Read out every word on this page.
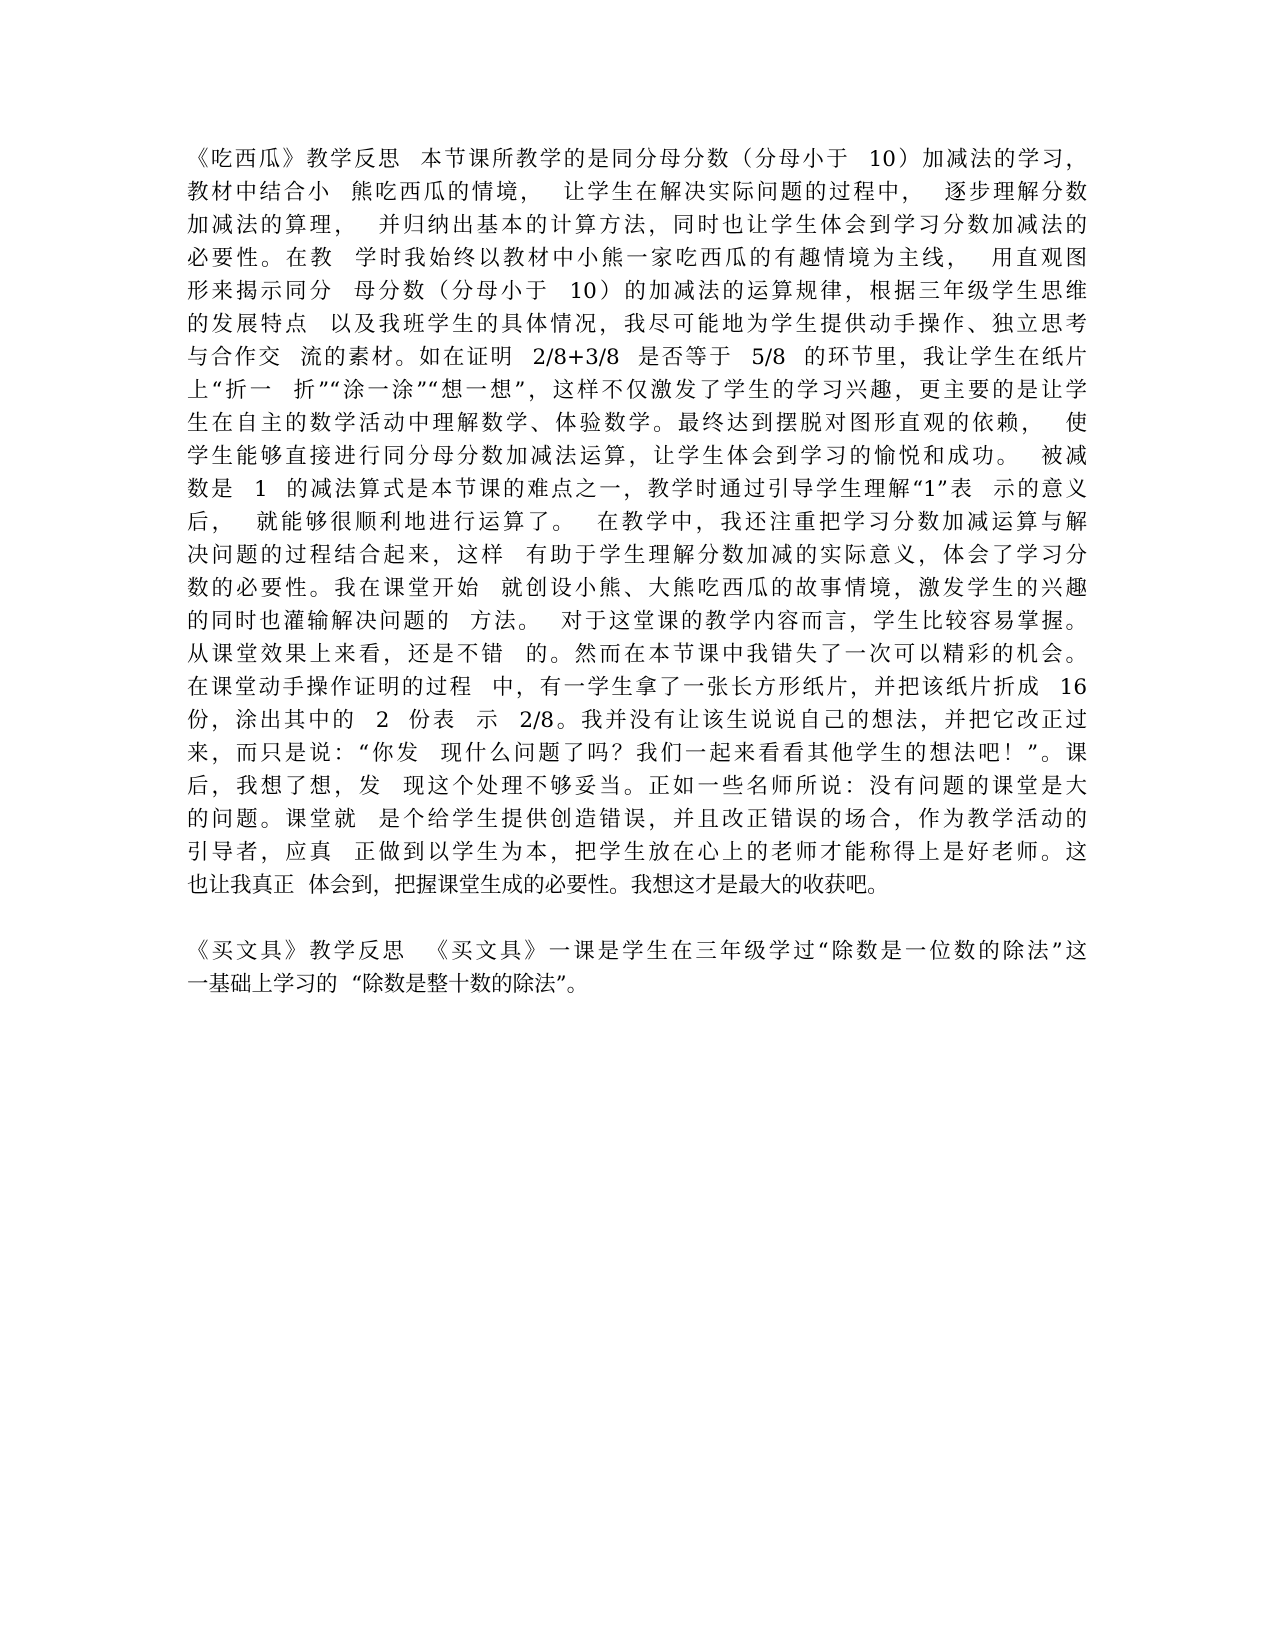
《吃西瓜》教学反思  本节课所教学的是同分母分数（分母小于  10）加减法的学习，
教材中结合小  熊吃西瓜的情境，  让学生在解决实际问题的过程中，  逐步理解分数
加减法的算理，  并归纳出基本的计算方法，同时也让学生体会到学习分数加减法的
必要性。在教  学时我始终以教材中小熊一家吃西瓜的有趣情境为主线，  用直观图
形来揭示同分  母分数（分母小于  10）的加减法的运算规律，根据三年级学生思维
的发展特点  以及我班学生的具体情况，我尽可能地为学生提供动手操作、独立思考
与合作交  流的素材。如在证明  2/8+3/8  是否等于  5/8  的环节里，我让学生在纸片
上“折一  折”“涂一涂”“想一想”，这样不仅激发了学生的学习兴趣，更主要的是让学
生在自主的数学活动中理解数学、体验数学。最终达到摆脱对图形直观的依赖，  使
学生能够直接进行同分母分数加减法运算，让学生体会到学习的愉悦和成功。  被减
数是  1  的减法算式是本节课的难点之一，教学时通过引导学生理解“1”表  示的意义
后，  就能够很顺利地进行运算了。  在教学中，我还注重把学习分数加减运算与解
决问题的过程结合起来，这样  有助于学生理解分数加减的实际意义，体会了学习分
数的必要性。我在课堂开始  就创设小熊、大熊吃西瓜的故事情境，激发学生的兴趣
的同时也灌输解决问题的  方法。  对于这堂课的教学内容而言，学生比较容易掌握。
从课堂效果上来看，还是不错  的。然而在本节课中我错失了一次可以精彩的机会。
在课堂动手操作证明的过程  中，有一学生拿了一张长方形纸片，并把该纸片折成  16
份，涂出其中的  2  份表  示  2/8。我并没有让该生说说自己的想法，并把它改正过
来，而只是说：“你发  现什么问题了吗？我们一起来看看其他学生的想法吧！”。课
后，我想了想，发  现这个处理不够妥当。正如一些名师所说：没有问题的课堂是大
的问题。课堂就  是个给学生提供创造错误，并且改正错误的场合，作为教学活动的
引导者，应真  正做到以学生为本，把学生放在心上的老师才能称得上是好老师。这
也让我真正  体会到，把握课堂生成的必要性。我想这才是最大的收获吧。
《买文具》教学反思  《买文具》一课是学生在三年级学过“除数是一位数的除法”这
一基础上学习的  “除数是整十数的除法”。
